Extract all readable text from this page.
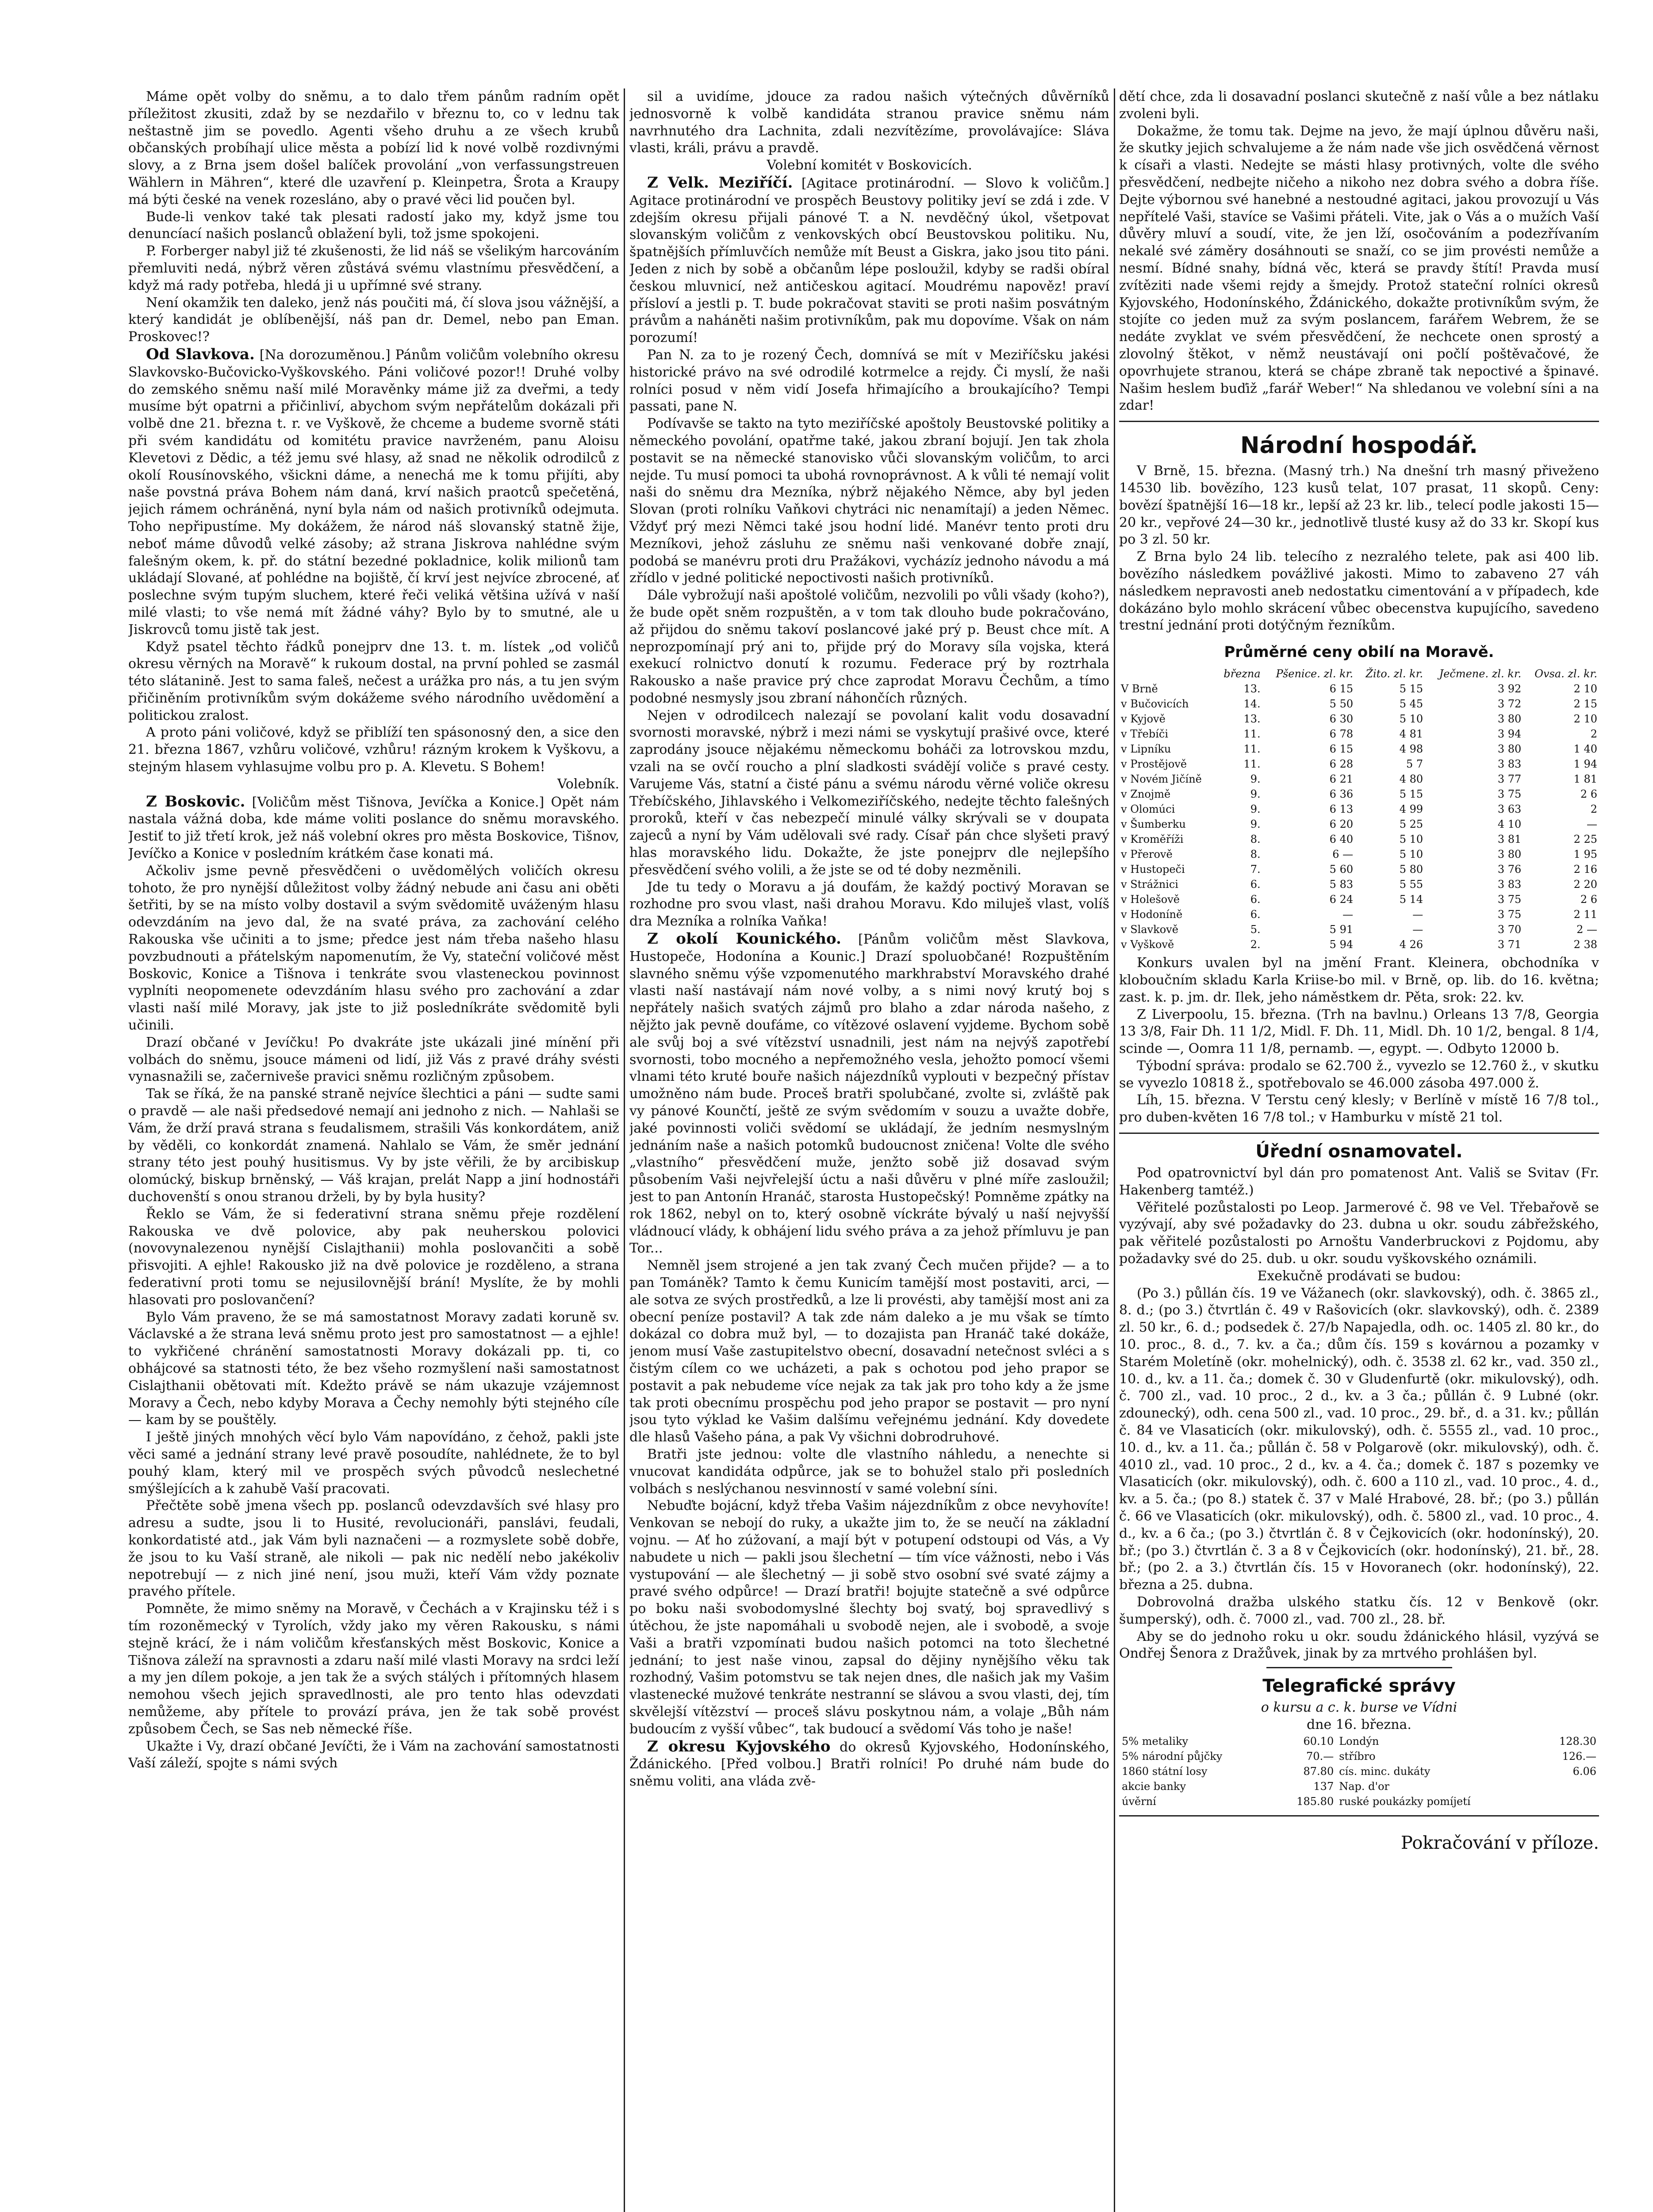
Máme opět volby do sněmu, a to dalo třem pánům radním opět příležitost zkusiti, zdaž by se nezdařilo v březnu to, co v lednu tak neštastně jim se povedlo. Agenti všeho druhu a ze všech krubů občanských probíhají ulice města a pobízí lid k nové volbě rozdivnými slovy, a z Brna jsem došel balíček provolání „von verfassungstreuen Wählern in Mähren“, které dle uzavření p. Kleinpetra, Šrota a Kraupy má býti české na venek rozesláno, aby o pravé věci lid poučen byl.

Bude-li venkov také tak plesati radostí jako my, když jsme tou denuncíací našich poslanců oblažení byli, tož jsme spokojeni.

P. Forberger nabyl již té zkušenosti, že lid náš se všelikým harcováním přemluviti nedá, nýbrž věren zůstává svému vlastnímu přesvědčení, a když má rady potřeba, hledá ji u upřímné své strany.

Není okamžik ten daleko, jenž nás poučiti má, čí slova jsou vážnější, a který kandidát je oblíbenější, náš pan dr. Demel, nebo pan Eman. Proskovec!?

Od Slavkova. [Na dorozuměnou.] Pánům voličům volebního okresu Slavkovsko-Bučovicko-Vyškovského. Páni voličové pozor!! Druhé volby do zemského sněmu naší milé Moravěnky máme již za dveřmi, a tedy musíme být opatrni a přičinliví, abychom svým nepřátelům dokázali při volbě dne 21. března t. r. ve Vyškově, že chceme a budeme svorně státi při svém kandidátu od komitétu pravice navrženém, panu Aloisu Klevetovi z Dědic, a též jemu své hlasy, až snad ne několik odrodilců z okolí Rousínovského, všickni dáme, a nenechá me k tomu přijíti, aby naše povstná práva Bohem nám daná, krví našich praotců spečetěná, jejich rámem ochráněná, nyní byla nám od našich protivníků odejmuta. Toho nepřipustíme. My dokážem, že národ náš slovanský statně žije, neboť máme důvodů velké zásoby; až strana Jiskrova nahlédne svým falešným okem, k. př. do státní bezedné pokladnice, kolik milionů tam ukládají Slované, ať pohlédne na bojiště, čí krví jest nejvíce zbrocené, ať poslechne svým tupým sluchem, které řeči veliká většina užívá v naší milé vlasti; to vše nemá mít žádné váhy? Bylo by to smutné, ale u Jiskrovců tomu jistě tak jest.

Když psatel těchto řádků ponejprv dne 13. t. m. lístek „od voličů okresu věrných na Moravě“ k rukoum dostal, na první pohled se zasmál této slátanině. Jest to sama faleš, nečest a urážka pro nás, a tu jen svým přičiněním protivníkům svým dokážeme svého národního uvědomění a politickou zralost.

A proto páni voličové, když se přiblíží ten spásonosný den, a sice den 21. března 1867, vzhůru voličové, vzhůru! rázným krokem k Vyškovu, a stejným hlasem vyhlasujme volbu pro p. A. Klevetu. S Bohem!

Volebník.

Z Boskovic. [Voličům měst Tišnova, Jevíčka a Konice.] Opět nám nastala vážná doba, kde máme voliti poslance do sněmu moravského. Jestiť to již třetí krok, jež náš volební okres pro města Boskovice, Tišnov, Jevíčko a Konice v posledním krátkém čase konati má.

Ačkoliv jsme pevně přesvědčeni o uvědomělých voličích okresu tohoto, že pro nynější důležitost volby žádný nebude ani času ani oběti šetřiti, by se na místo volby dostavil a svým svědomitě uváženým hlasu odevzdáním na jevo dal, že na svaté práva, za zachování celého Rakouska vše učiniti a to jsme; předce jest nám třeba našeho hlasu povzbudnouti a přátelským napomenutím, že Vy, stateční voličové měst Boskovic, Konice a Tišnova i tenkráte svou vlasteneckou povinnost vyplníti neopomenete odevzdáním hlasu svého pro zachování a zdar vlasti naší milé Moravy, jak jste to již posledníkráte svědomitě byli učinili.

Drazí občané v Jevíčku! Po dvakráte jste ukázali jiné mínění při volbách do sněmu, jsouce mámeni od lidí, již Vás z pravé dráhy svésti vynasnažili se, začerniveše pravici sněmu rozličným způsobem.

Tak se říká, že na panské straně nejvíce šlechtici a páni — sudte sami o pravdě — ale naši předsedové nemají ani jednoho z nich. — Nahlaši se Vám, že drží pravá strana s feudalismem, strašili Vás konkordátem, aniž by věděli, co konkordát znamená. Nahlalo se Vám, že směr jednání strany této jest pouhý husitismus. Vy by jste věřili, že by arcibiskup olomúcký, biskup brněnský, — Váš krajan, prelát Napp a jiní hodnostáři duchovenští s onou stranou drželi, by by byla husity?

Řeklo se Vám, že si federativní strana sněmu přeje rozdělení Rakouska ve dvě polovice, aby pak neuherskou polovici (novovynalezenou nynější Cislajthanii) mohla poslovančiti a sobě přisvojiti. A ejhle! Rakousko již na dvě polovice je rozděleno, a strana federativní proti tomu se nejusilovnější brání! Myslíte, že by mohli hlasovati pro poslovančení?

Bylo Vám praveno, že se má samostatnost Moravy zadati koruně sv. Václavské a že strana levá sněmu proto jest pro samostatnost — a ejhle! to vykřičené chránění samostatnosti Moravy dokázali pp. ti, co obhájcové sa statnosti této, že bez všeho rozmyšlení naši samostatnost Cislajthanii obětovati mít. Kdežto právě se nám ukazuje vzájemnost Moravy a Čech, nebo kdyby Morava a Čechy nemohly býti stejného cíle — kam by se pouštěly.

I ještě jiných mnohých věcí bylo Vám napovídáno, z čehož, pakli jste věci samé a jednání strany levé pravě posoudíte, nahlédnete, že to byl pouhý klam, který mil ve prospěch svých původců neslechetné smýšlejících a k zahubě Vaší pracovati.

Přečtěte sobě jmena všech pp. poslanců odevzdavších své hlasy pro adresu a sudte, jsou li to Husité, revolucionáři, panslávi, feudali, konkordatisté atd., jak Vám byli naznačeni — a rozmyslete sobě dobře, že jsou to ku Vaší straně, ale nikoli — pak nic nedělí nebo jakékoliv nepotrebují — z nich jiné není, jsou muži, kteří Vám vždy poznate pravého přítele.

Pomněte, že mimo sněmy na Moravě, v Čechách a v Krajinsku též i s tím rozoněmecký v Tyrolích, vždy jako my věren Rakousku, s námi stejně krácí, že i nám voličům křesťanských měst Boskovic, Konice a Tišnova záleží na spravnosti a zdaru naší milé vlasti Moravy na srdci leží a my jen dílem pokoje, a jen tak že a svých stálých i přítomných hlasem nemohou všech jejich spravedlnosti, ale pro tento hlas odevzdati nemůžeme, aby přítele to provází práva, jen že tak sobě provést způsobem Čech, se Sas neb německé říše.

Ukažte i Vy, drazí občané Jevíčti, že i Vám na zachování samostatnosti Vaší záleží, spojte s námi svých

sil a uvidíme, jdouce za radou našich výtečných důvěrníků jednosvorně k volbě kandidáta stranou pravice sněmu nám navrhnutého dra Lachnita, zdali nezvítězíme, provolávajíce: Sláva vlasti, králi, právu a pravdě.

Volební komitét v Boskovicích.

Z Velk. Meziříčí. [Agitace protinárodní. — Slovo k voličům.] Agitace protinárodní ve prospěch Beustovy politiky jeví se zdá i zde. V zdejším okresu přijali pánové T. a N. nevděčný úkol, všetpovat slovanským voličům z venkovských obcí Beustovskou politiku. Nu, špatnějších přímluvčích nemůže mít Beust a Giskra, jako jsou tito páni. Jeden z nich by sobě a občanům lépe posloužil, kdyby se radši obíral českou mluvnicí, než antičeskou agitací. Moudrému napověz! praví přísloví a jestli p. T. bude pokračovat staviti se proti našim posvátným právům a naháněti našim protivníkům, pak mu dopovíme. Však on nám porozumí!

Pan N. za to je rozený Čech, domnívá se mít v Meziříčsku jakési historické právo na své odrodilé kotrmelce a rejdy. Či myslí, že naši rolníci posud v něm vidí Josefa hřimajícího a broukajícího? Tempi passati, pane N.

Podívavše se takto na tyto meziříčské apoštoly Beustovské politiky a německého povolání, opatřme také, jakou zbraní bojují. Jen tak zhola postavit se na německé stanovisko vůči slovanským voličům, to arci nejde. Tu musí pomoci ta ubohá rovnoprávnost. A k vůli té nemají volit naši do sněmu dra Mezníka, nýbrž nějakého Němce, aby byl jeden Slovan (proti rolníku Vaňkovi chytráci nic nenamítají) a jeden Němec. Vždyť prý mezi Němci také jsou hodní lidé. Manévr tento proti dru Mezníkovi, jehož zásluhu ze sněmu naši venkované dobře znají, podobá se manévru proti dru Pražákovi, vycházíz jednoho návodu a má zřídlo v jedné politické nepoctivosti našich protivníků.

Dále vybrožují naši apoštolé voličům, nezvolili po vůli všady (koho?), že bude opět sněm rozpuštěn, a v tom tak dlouho bude pokračováno, až přijdou do sněmu takoví poslancové jaké prý p. Beust chce mít. A neprozpomínají prý ani to, přijde prý do Moravy síla vojska, která exekucí rolnictvo donutí k rozumu. Federace prý by roztrhala Rakousko a naše pravice prý chce zaprodat Moravu Čechům, a tímo podobné nesmysly jsou zbraní náhončích různých.

Nejen v odrodilcech nalezají se povolaní kalit vodu dosavadní svornosti moravské, nýbrž i mezi námi se vyskytují prašivé ovce, které zaprodány jsouce nějakému německomu boháči za lotrovskou mzdu, vzali na se ovčí roucho a plní sladkosti svádějí voliče s pravé cesty. Varujeme Vás, statní a čisté pánu a svému národu věrné voliče okresu Třebíčského, Jihlavského i Velkomeziříčského, nedejte těchto falešných proroků, kteří v čas nebezpečí minulé války skrývali se v doupata zajeců a nyní by Vám udělovali své rady. Císař pán chce slyšeti pravý hlas moravského lidu. Dokažte, že jste ponejprv dle nejlepšího přesvědčení svého volili, a že jste se od té doby nezměnili.

Jde tu tedy o Moravu a já doufám, že každý poctivý Moravan se rozhodne pro svou vlast, naši drahou Moravu. Kdo miluješ vlast, volíš dra Mezníka a rolníka Vaňka!

Z okolí Kounického. [Pánům voličům měst Slavkova, Hustopeče, Hodonína a Kounic.] Drazí spoluobčané! Rozpuštěním slavného sněmu výše vzpomenutého markhrabství Moravského drahé vlasti naší nastávají nám nové volby, a s nimi nový krutý boj s nepřátely našich svatých zájmů pro blaho a zdar národa našeho, z nějžto jak pevně doufáme, co vítězové oslavení vyjdeme. Bychom sobě ale svůj boj a své vítězství usnadnili, jest nám na nejvýš zapotřebí svornosti, tobo mocného a nepřemožného vesla, jehožto pomocí všemi vlnami této kruté bouře našich nájezdníků vyplouti v bezpečný přístav umožněno nám bude. Proceš bratři spolubčané, zvolte si, zvláště pak vy pánové Kounčtí, ještě ze svým svědomím v souzu a uvažte dobře, jaké povinnosti voliči svědomí se ukládají, že jedním nesmyslným jednáním naše a našich potomků budoucnost zničena! Volte dle svého „vlastního“ přesvědčení muže, jenžto sobě již dosavad svým působením Vaši nejvřelejší úctu a naši důvěru v plné míře zasloužil; jest to pan Antonín Hranáč, starosta Hustopečský! Pomněme zpátky na rok 1862, nebyl on to, který osobně víckráte bývalý u naší nejvyšší vládnoucí vlády, k obhájení lidu svého práva a za jehož přímluvu je pan Tor...

Nemněl jsem strojené a jen tak zvaný Čech mučen přijde? — a to pan Tománěk? Tamto k čemu Kunicím tamější most postaviti, arci, — ale sotva ze svých prostředků, a lze li provésti, aby tamější most ani za obecní peníze postavil? A tak zde nám daleko a je mu však se tímto dokázal co dobra muž byl, — to dozajista pan Hranáč také dokáže, jenom musí Vaše zastupitelstvo obecní, dosavadní netečnost svléci a s čistým cílem co we ucházeti, a pak s ochotou pod jeho prapor se postavit a pak nebudeme více nejak za tak jak pro toho kdy a že jsme tak proti obecnímu prospěchu pod jeho prapor se postavit — pro nyní jsou tyto výklad ke Vašim dalšímu veřejnému jednání. Kdy dovedete dle hlasů Vašeho pána, a pak Vy všichni dobrodruhové.

Bratři jste jednou: volte dle vlastního náhledu, a nenechte si vnucovat kandidáta odpůrce, jak se to bohužel stalo při posledních volbách s neslýchanou nesvinností v samé volební síni.

Nebuďte bojácní, když třeba Vašim nájezdníkům z obce nevyhovíte! Venkovan se nebojí do ruky, a ukažte jim to, že se neučí na základní vojnu. — Ať ho zúžovaní, a mají být v potupení odstoupi od Vás, a Vy nabudete u nich — pakli jsou šlechetní — tím více vážnosti, nebo i Vás vystupování — ale šlechetný — ji sobě stvo osobní své svaté zájmy a pravé svého odpůrce! — Drazí bratři! bojujte statečně a své odpůrce po boku naši svobodomyslné šlechty boj svatý, boj spravedlivý s útěchou, že jste napomáhali u svobodě nejen, ale i svobodě, a svoje Vaši a bratři vzpomínati budou našich potomci na toto šlechetné jednání; to jest naše vinou, zapsal do dějiny nynějšího věku tak rozhodný, Vašim potomstvu se tak nejen dnes, dle našich jak my Vašim vlastenecké mužové tenkráte nestranní se slávou a svou vlasti, dej, tím skvělejší vítězství — proceš slávu poskytnou nám, a volaje „Bůh nám budoucím z vyšší vůbec“, tak budoucí a svědomí Vás toho je naše!

Z okresu Kyjovského do okresů Kyjovského, Hodonínského, Ždánického. [Před volbou.] Bratři rolníci! Po druhé nám bude do sněmu voliti, ana vláda zvě-

dětí chce, zda li dosavadní poslanci skutečně z naší vůle a bez nátlaku zvoleni byli.

Dokažme, že tomu tak. Dejme na jevo, že mají úplnou důvěru naši, že skutky jejich schvalujeme a že nám nade vše jich osvědčená věrnost k císaři a vlasti. Nedejte se másti hlasy protivných, volte dle svého přesvědčení, nedbejte ničeho a nikoho nez dobra svého a dobra říše. Dejte výbornou své hanebné a nestoudné agitaci, jakou provozují u Vás nepřítelé Vaši, stavíce se Vašimi přáteli. Vite, jak o Vás a o mužích Vaší důvěry mluví a soudí, vite, že jen lží, osočováním a podezřívaním nekalé své záměry dosáhnouti se snaží, co se jim provésti nemůže a nesmí. Bídné snahy, bídná věc, která se pravdy štítí! Pravda musí zvítěziti nade všemi rejdy a šmejdy. Protož stateční rolníci okresů Kyjovského, Hodonínského, Ždánického, dokažte protivníkům svým, že stojíte co jeden muž za svým poslancem, farářem Webrem, že se nedáte zvyklat ve svém přesvědčení, že nechcete onen sprostý a zlovolný štěkot, v němž neustávají oni počlí poštěvačové, že opovrhujete stranou, která se chápe zbraně tak nepoctivé a špinavé. Našim heslem buďiž „farář Weber!“ Na shledanou ve volební síni a na zdar!

Národní hospodář.

V Brně, 15. března. (Masný trh.) Na dnešní trh masný přiveženo 14530 lib. bovězího, 123 kusů telat, 107 prasat, 11 skopů. Ceny: bovězí špatnější 16—18 kr., lepší až 23 kr. lib., telecí podle jakosti 15—20 kr., vepřové 24—30 kr., jednotlivě tlusté kusy až do 33 kr. Skopí kus po 3 zl. 50 kr.

Z Brna bylo 24 lib. telecího z nezralého telete, pak asi 400 lib. bovězího následkem povážlivé jakosti. Mimo to zabaveno 27 váh následkem nepravosti aneb nedostatku cimentování a v případech, kde dokázáno bylo mohlo skrácení vůbec obecenstva kupujícího, savedeno trestní jednání proti dotýčným řezníkům.

Průměrné ceny obilí na Moravě.

	března	Pšenice. zl. kr.	Žito. zl. kr.	Ječmene. zl. kr.	Ovsa. zl. kr.
V Brně	13.	6 15	5 15	3 92	2 10
v Bučovicích	14.	5 50	5 45	3 72	2 15
v Kyjově	13.	6 30	5 10	3 80	2 10
v Třebíči	11.	6 78	4 81	3 94	2
v Lipníku	11.	6 15	4 98	3 80	1 40
v Prostějově	11.	6 28	5 7	3 83	1 94
v Novém Jičíně	9.	6 21	4 80	3 77	1 81
v Znojmě	9.	6 36	5 15	3 75	2 6
v Olomúci	9.	6 13	4 99	3 63	2
v Šumberku	9.	6 20	5 25	4 10	—
v Kroměříži	8.	6 40	5 10	3 81	2 25
v Přerově	8.	6 —	5 10	3 80	1 95
v Hustopeči	7.	5 60	5 80	3 76	2 16
v Strážnici	6.	5 83	5 55	3 83	2 20
v Holešově	6.	6 24	5 14	3 75	2 6
v Hodoníně	6.	—	—	3 75	2 11
v Slavkově	5.	5 91	—	3 70	2 —
v Vyškově	2.	5 94	4 26	3 71	2 38

Konkurs uvalen byl na jmění Frant. Kleinera, obchodníka v kloboučním skladu Karla Kriise-bo mil. v Brně, op. lib. do 16. května; zast. k. p. jm. dr. Ilek, jeho náměstkem dr. Pěta, srok: 22. kv.

Z Liverpoolu, 15. března. (Trh na bavlnu.) Orleans 13 7/8, Georgia 13 3/8, Fair Dh. 11 1/2, Midl. F. Dh. 11, Midl. Dh. 10 1/2, bengal. 8 1/4, scinde —, Oomra 11 1/8, pernamb. —, egypt. —. Odbyto 12000 b.

Týbodní správa: prodalo se 62.700 ž., vyvezlo se 12.760 ž., v skutku se vyvezlo 10818 ž., spotřebovalo se 46.000 zásoba 497.000 ž.

Líh, 15. března. V Terstu cený klesly; v Berlíně v místě 16 7/8 tol., pro duben-květen 16 7/8 tol.; v Hamburku v místě 21 tol.

Úřední osnamovatel.

Pod opatrovnictví byl dán pro pomatenost Ant. Vališ se Svitav (Fr. Hakenberg tamtéž.)

Věřitelé pozůstalosti po Leop. Jarmerové č. 98 ve Vel. Třebařově se vyzývají, aby své požadavky do 23. dubna u okr. soudu zábřežského, pak věřitelé pozůstalosti po Arnoštu Vanderbruckovi z Pojdomu, aby požadavky své do 25. dub. u okr. soudu vyškovského oznámili.

Exekučně prodávati se budou:

(Po 3.) půllán čís. 19 ve Vážanech (okr. slavkovský), odh. č. 3865 zl., 8. d.; (po 3.) čtvrtlán č. 49 v Rašovicích (okr. slavkovský), odh. č. 2389 zl. 50 kr., 6. d.; podsedek č. 27/b Napajedla, odh. oc. 1405 zl. 80 kr., do 10. proc., 8. d., 7. kv. a ča.; dům čís. 159 s kovárnou a pozamky v Starém Moletíně (okr. mohelnický), odh. č. 3538 zl. 62 kr., vad. 350 zl., 10. d., kv. a 11. ča.; domek č. 30 v Gludenfurtě (okr. mikulovský), odh. č. 700 zl., vad. 10 proc., 2 d., kv. a 3 ča.; půllán č. 9 Lubné (okr. zdounecký), odh. cena 500 zl., vad. 10 proc., 29. bř., d. a 31. kv.; půllán č. 84 ve Vlasaticích (okr. mikulovský), odh. č. 5555 zl., vad. 10 proc., 10. d., kv. a 11. ča.; půllán č. 58 v Polgarově (okr. mikulovský), odh. č. 4010 zl., vad. 10 proc., 2 d., kv. a 4. ča.; domek č. 187 s pozemky ve Vlasaticích (okr. mikulovský), odh. č. 600 a 110 zl., vad. 10 proc., 4. d., kv. a 5. ča.; (po 8.) statek č. 37 v Malé Hrabové, 28. bř.; (po 3.) půllán č. 66 ve Vlasaticích (okr. mikulovský), odh. č. 5800 zl., vad. 10 proc., 4. d., kv. a 6 ča.; (po 3.) čtvrtlán č. 8 v Čejkovicích (okr. hodonínský), 20. bř.; (po 3.) čtvrtlán č. 3 a 8 v Čejkovicích (okr. hodonínský), 21. bř., 28. bř.; (po 2. a 3.) čtvrtlán čís. 15 v Hovoranech (okr. hodonínský), 22. března a 25. dubna.

Dobrovolná dražba ulského statku čís. 12 v Benkově (okr. šumperský), odh. č. 7000 zl., vad. 700 zl., 28. bř.

Aby se do jednoho roku u okr. soudu ždánického hlásil, vyzývá se Ondřej Šenora z Dražůvek, jinak by za mrtvého prohlášen byl.

Telegrafické správy

o kursu a c. k. burse ve Vídni

dne 16. března.

5% metaliky	60.10	Londýn	128.30
5% národní půjčky	70.—	stříbro	126.—
1860 státní losy	87.80	cís. minc. dukáty	6.06
akcie banky	137	Nap. d'or	
úvěrní	185.80	ruské poukázky pomíjetí	

Pokračování v příloze.
